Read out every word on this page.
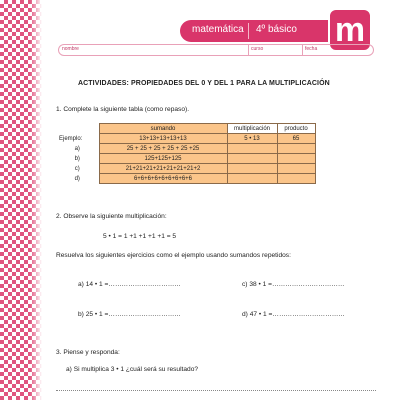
matemática 4º básico m
nombre	curso	fecha
ACTIVIDADES: PROPIEDADES DEL 0 Y DEL 1 PARA LA MULTIPLICACIÓN
1. Complete la siguiente tabla (como repaso).
	sumando	multiplicación	producto
Ejemplo:	13+13+13+13+13	5 • 13	65
a)	25 + 25 + 25 + 25 + 25 +25		
b)	125+125+125		
c)	21+21+21+21+21+21+21+2		
d)	6+6+6+6+6+6+6+6+6		
2. Observe la siguiente multiplicación:
5 • 1 = 1 +1 +1 +1 +1 = 5
Resuelva los siguientes ejercicios como el ejemplo usando sumandos repetidos:
a) 14 • 1 =……………………………	c) 38 • 1 =……………………………
b) 25 • 1 =……………………………	d) 47 • 1 =……………………………
3. Piense y responda:
a) Si multiplica 3 • 1 ¿cuál será su resultado?
